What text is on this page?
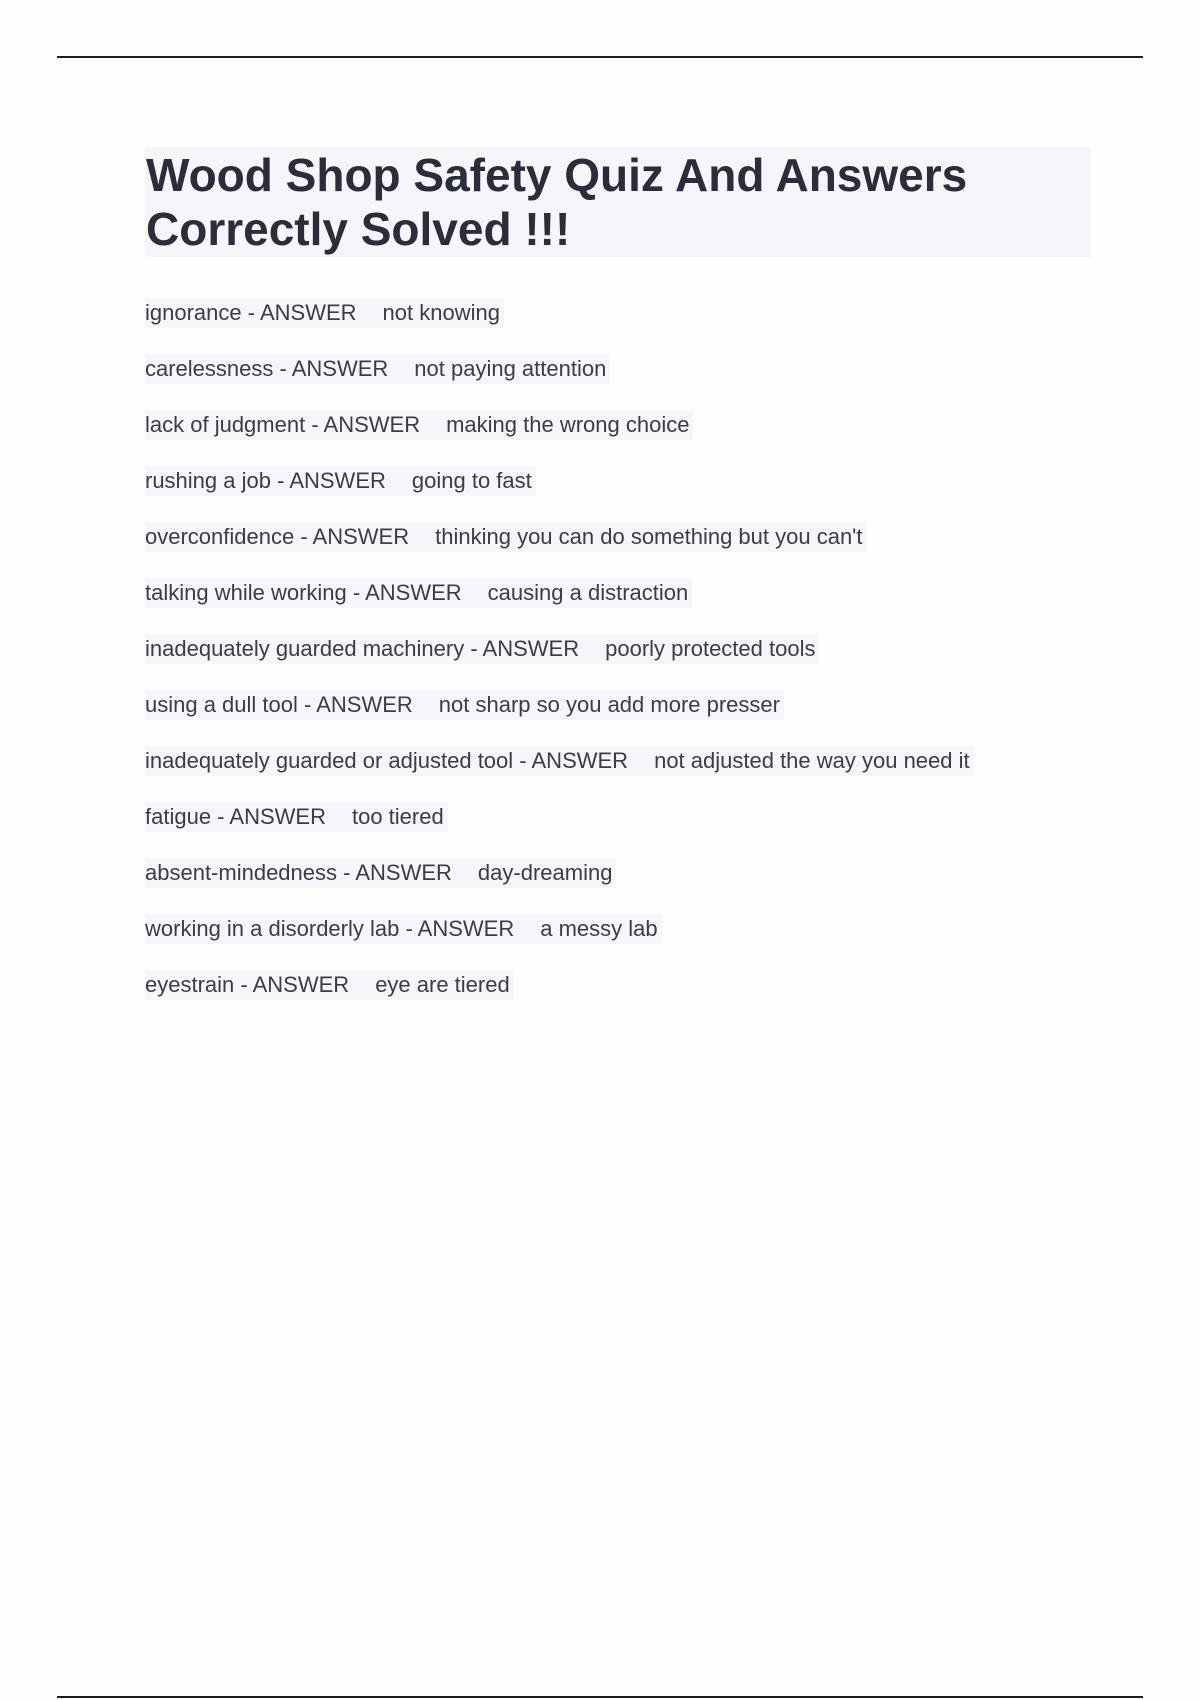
Wood Shop Safety Quiz And Answers
Correctly Solved !!!
ignorance - ANSWER not knowing
carelessness - ANSWER not paying attention
lack of judgment - ANSWER making the wrong choice
rushing a job - ANSWER going to fast
overconfidence - ANSWER thinking you can do something but you can't
talking while working - ANSWER causing a distraction
inadequately guarded machinery - ANSWER poorly protected tools
using a dull tool - ANSWER not sharp so you add more presser
inadequately guarded or adjusted tool - ANSWER not adjusted the way you need it
fatigue - ANSWER too tiered
absent-mindedness - ANSWER day-dreaming
working in a disorderly lab - ANSWER a messy lab
eyestrain - ANSWER eye are tiered
